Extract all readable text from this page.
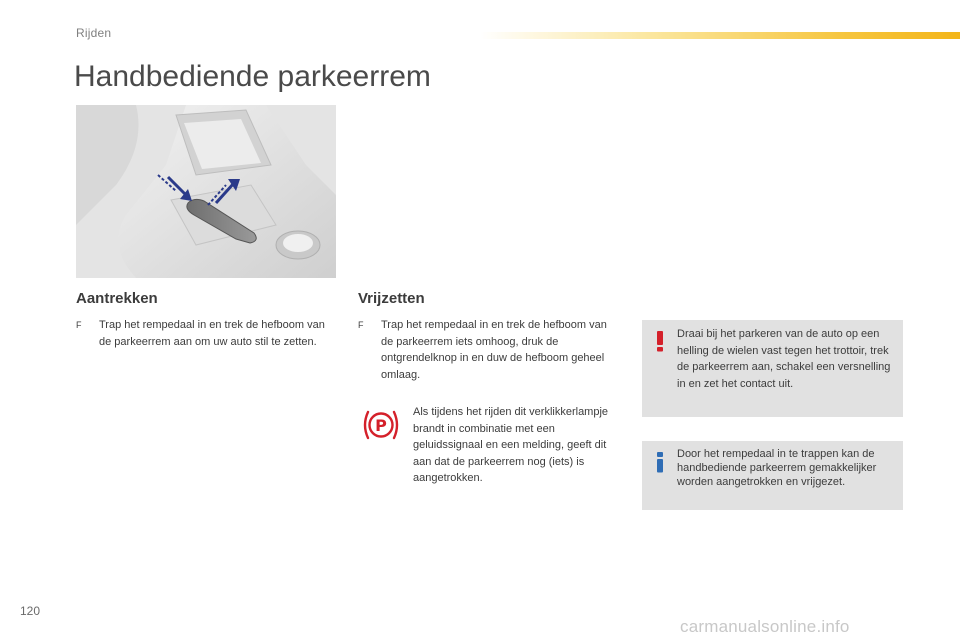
Rijden
Handbediende parkeerrem
Aantrekken
F	Trap het rempedaal in en trek de hefboom van de parkeerrem aan om uw auto stil te zetten.
Vrijzetten
F	Trap het rempedaal in en trek de hefboom van de parkeerrem iets omhoog, druk de ontgrendelknop in en duw de hefboom geheel omlaag.
P
Als tijdens het rijden dit verklikkerlampje brandt in combinatie met een geluidssignaal en een melding, geeft dit aan dat de parkeerrem nog (iets) is aangetrokken.
Draai bij het parkeren van de auto op een helling de wielen vast tegen het trottoir, trek de parkeerrem aan, schakel een versnelling in en zet het contact uit.
Door het rempedaal in te trappen kan de handbediende parkeerrem gemakkelijker worden aangetrokken en vrijgezet.
120
carmanualsonline.info
